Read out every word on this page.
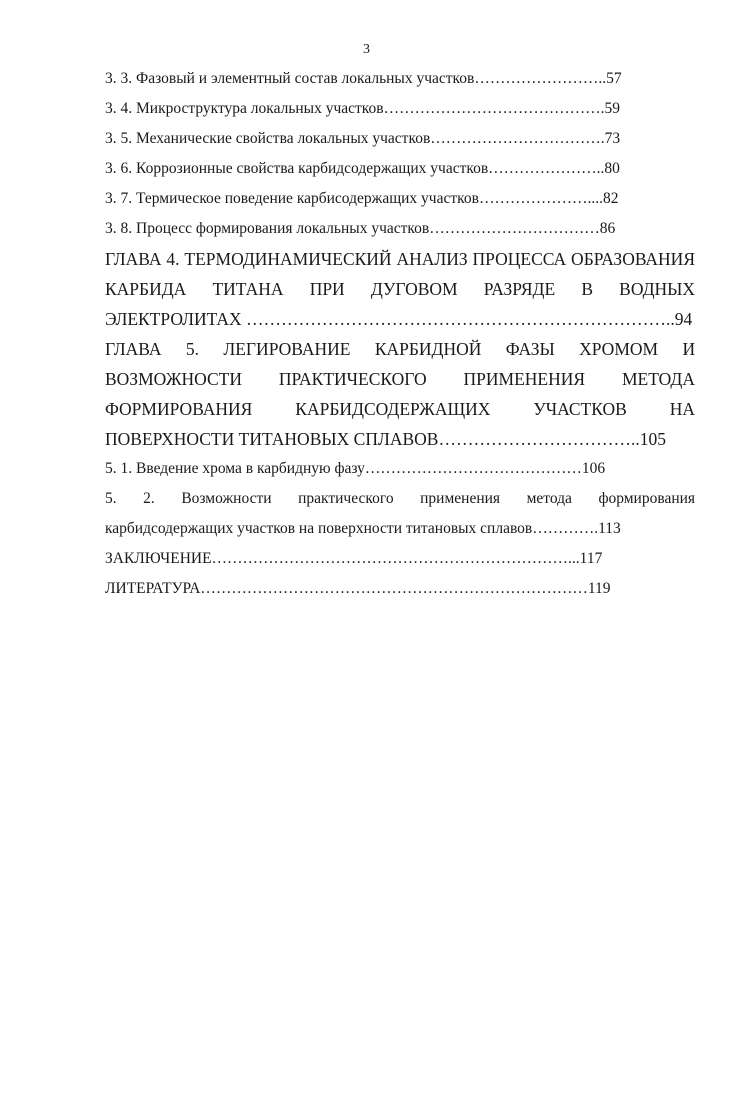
3
3. 3. Фазовый и элементный состав локальных участков……………………..57
3. 4. Микроструктура локальных участков…………………………………….59
3. 5. Механические свойства локальных участков…………………………….73
3. 6. Коррозионные свойства карбидсодержащих участков…………………..80
3. 7. Термическое поведение карбисодержащих участков…………………....82
3. 8. Процесс формирования локальных участков……………………………86
ГЛАВА 4. ТЕРМОДИНАМИЧЕСКИЙ АНАЛИЗ ПРОЦЕССА ОБРАЗОВАНИЯ
КАРБИДА ТИТАНА ПРИ ДУГОВОМ РАЗРЯДЕ В ВОДНЫХ
ЭЛЕКТРОЛИТАХ ………………………………………………………………..94
ГЛАВА 5. ЛЕГИРОВАНИЕ КАРБИДНОЙ ФАЗЫ ХРОМОМ И
ВОЗМОЖНОСТИ ПРАКТИЧЕСКОГО ПРИМЕНЕНИЯ МЕТОДА
ФОРМИРОВАНИЯ КАРБИДСОДЕРЖАЩИХ УЧАСТКОВ НА
ПОВЕРХНОСТИ ТИТАНОВЫХ СПЛАВОВ……………………………..105
5. 1. Введение хрома в карбидную фазу……………………………………106
5. 2. Возможности практического применения метода формирования
карбидсодержащих участков на поверхности титановых сплавов………….113
ЗАКЛЮЧЕНИЕ……………………………………………………………...117
ЛИТЕРАТУРА…………………………………………………………………119
